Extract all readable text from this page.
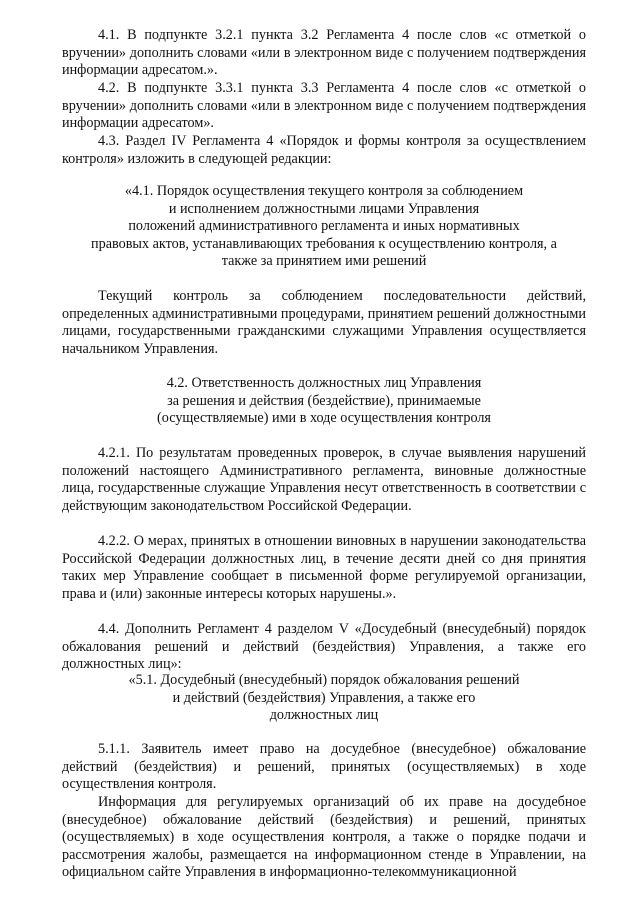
4.1. В подпункте 3.2.1 пункта 3.2 Регламента 4 после слов «с отметкой о вручении» дополнить словами «или в электронном виде с получением подтверждения информации адресатом.».

4.2. В подпункте 3.3.1 пункта 3.3 Регламента 4 после слов «с отметкой о вручении» дополнить словами «или в электронном виде с получением подтверждения информации адресатом».

4.3. Раздел IV Регламента 4 «Порядок и формы контроля за осуществлением контроля» изложить в следующей редакции:

«4.1. Порядок осуществления текущего контроля за соблюдением
и исполнением должностными лицами Управления
положений административного регламента и иных нормативных
правовых актов, устанавливающих требования к осуществлению контроля, а
также за принятием ими решений

Текущий контроль за соблюдением последовательности действий, определенных административными процедурами, принятием решений должностными лицами, государственными гражданскими служащими Управления осуществляется начальником Управления.

4.2. Ответственность должностных лиц Управления
за решения и действия (бездействие), принимаемые
(осуществляемые) ими в ходе осуществления контроля

4.2.1. По результатам проведенных проверок, в случае выявления нарушений положений настоящего Административного регламента, виновные должностные лица, государственные служащие Управления несут ответственность в соответствии с действующим законодательством Российской Федерации.

4.2.2. О мерах, принятых в отношении виновных в нарушении законодательства Российской Федерации должностных лиц, в течение десяти дней со дня принятия таких мер Управление сообщает в письменной форме регулируемой организации, права и (или) законные интересы которых нарушены.».

4.4. Дополнить Регламент 4 разделом V «Досудебный (внесудебный) порядок обжалования решений и действий (бездействия) Управления, а также его должностных лиц»:

«5.1. Досудебный (внесудебный) порядок обжалования решений
и действий (бездействия) Управления, а также его
должностных лиц

5.1.1. Заявитель имеет право на досудебное (внесудебное) обжалование действий (бездействия) и решений, принятых (осуществляемых) в ходе осуществления контроля.

Информация для регулируемых организаций об их праве на досудебное (внесудебное) обжалование действий (бездействия) и решений, принятых (осуществляемых) в ходе осуществления контроля, а также о порядке подачи и рассмотрения жалобы, размещается на информационном стенде в Управлении, на официальном сайте Управления в информационно-телекоммуникационной
